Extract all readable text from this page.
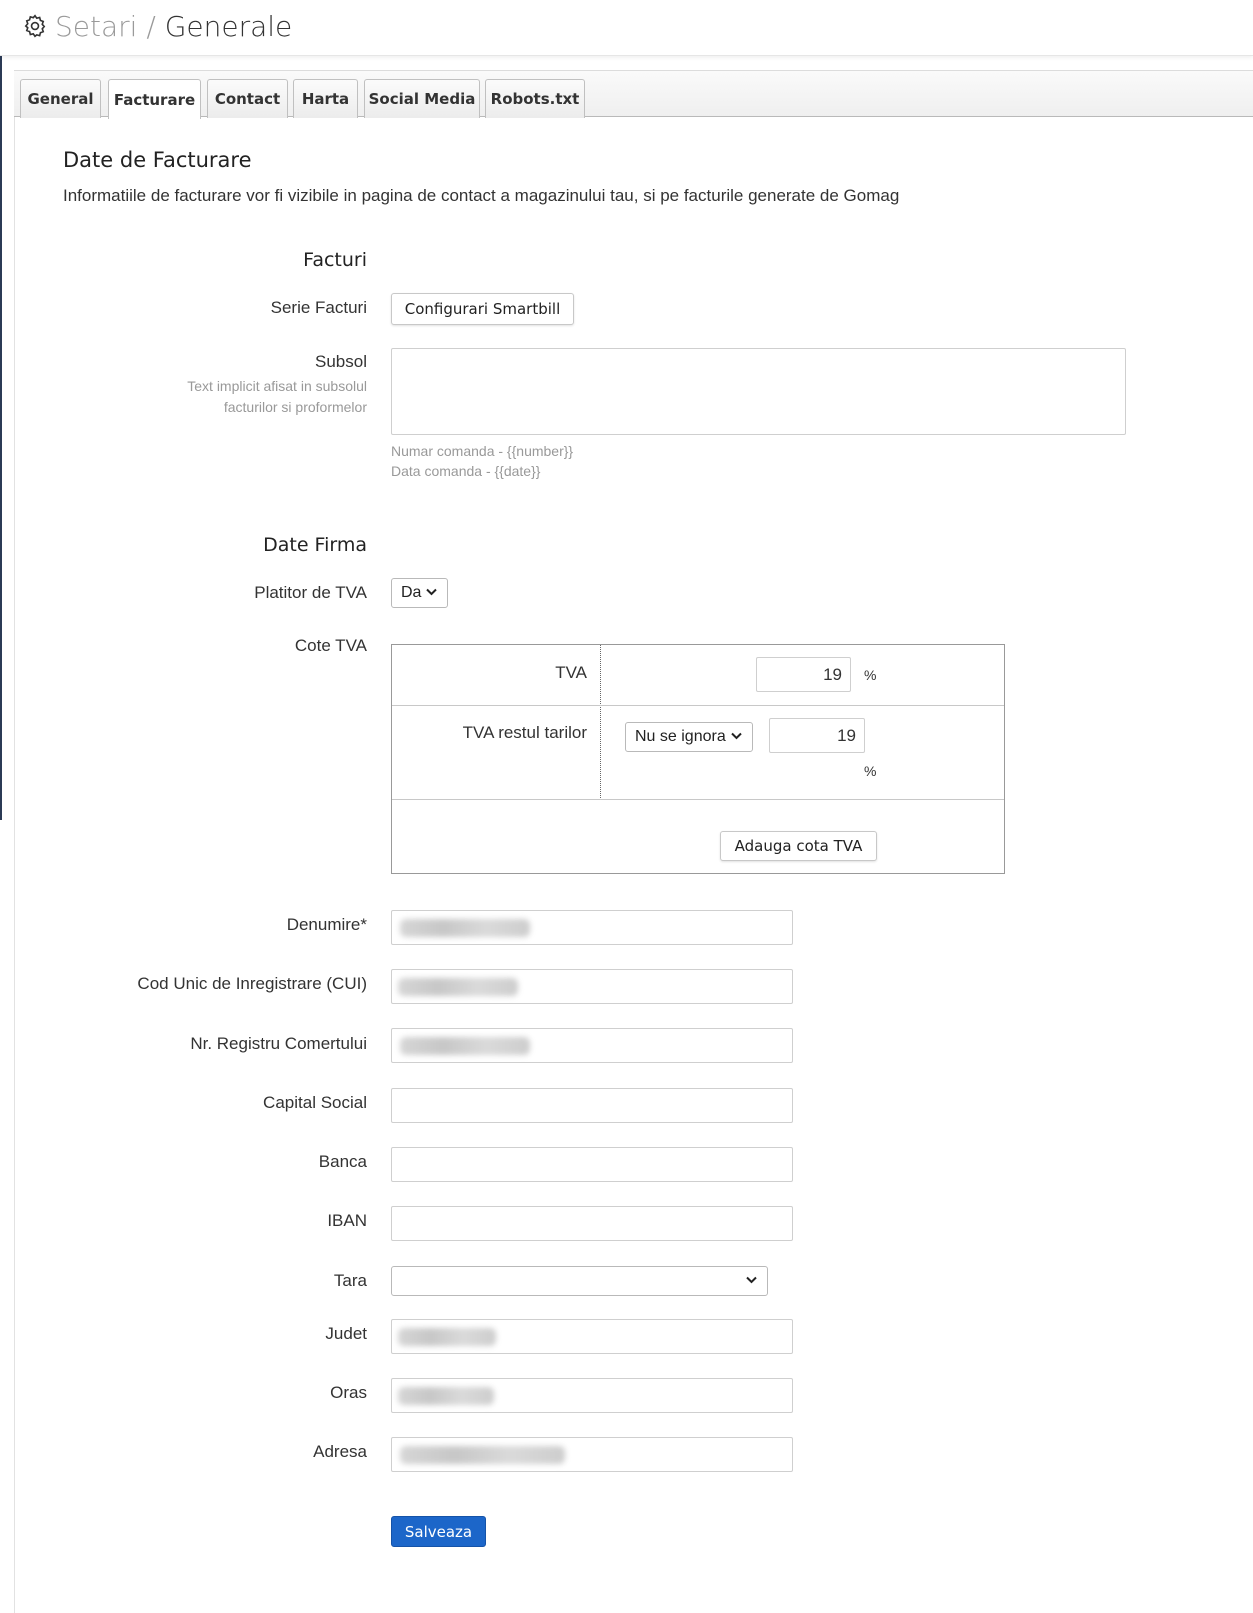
Setari / Generale
General	Facturare	Contact	Harta	Social Media	Robots.txt
Date de Facturare
Informatiile de facturare vor fi vizibile in pagina de contact a magazinului tau, si pe facturile generate de Gomag
Facturi
Serie Facturi	Configurari Smartbill
Subsol
Text implicit afisat in subsolul facturilor si proformelor
Numar comanda - {{number}}
Data comanda - {{date}}
Date Firma
Platitor de TVA Da
Cote TVA
TVA	19	%
TVA restul tarilor	Nu se ignora	19
%
Adauga cota TVA
Denumire*
Cod Unic de Inregistrare (CUI)
Nr. Registru Comertului
Capital Social
Banca
IBAN
Tara
Judet
Oras
Adresa
Salveaza
